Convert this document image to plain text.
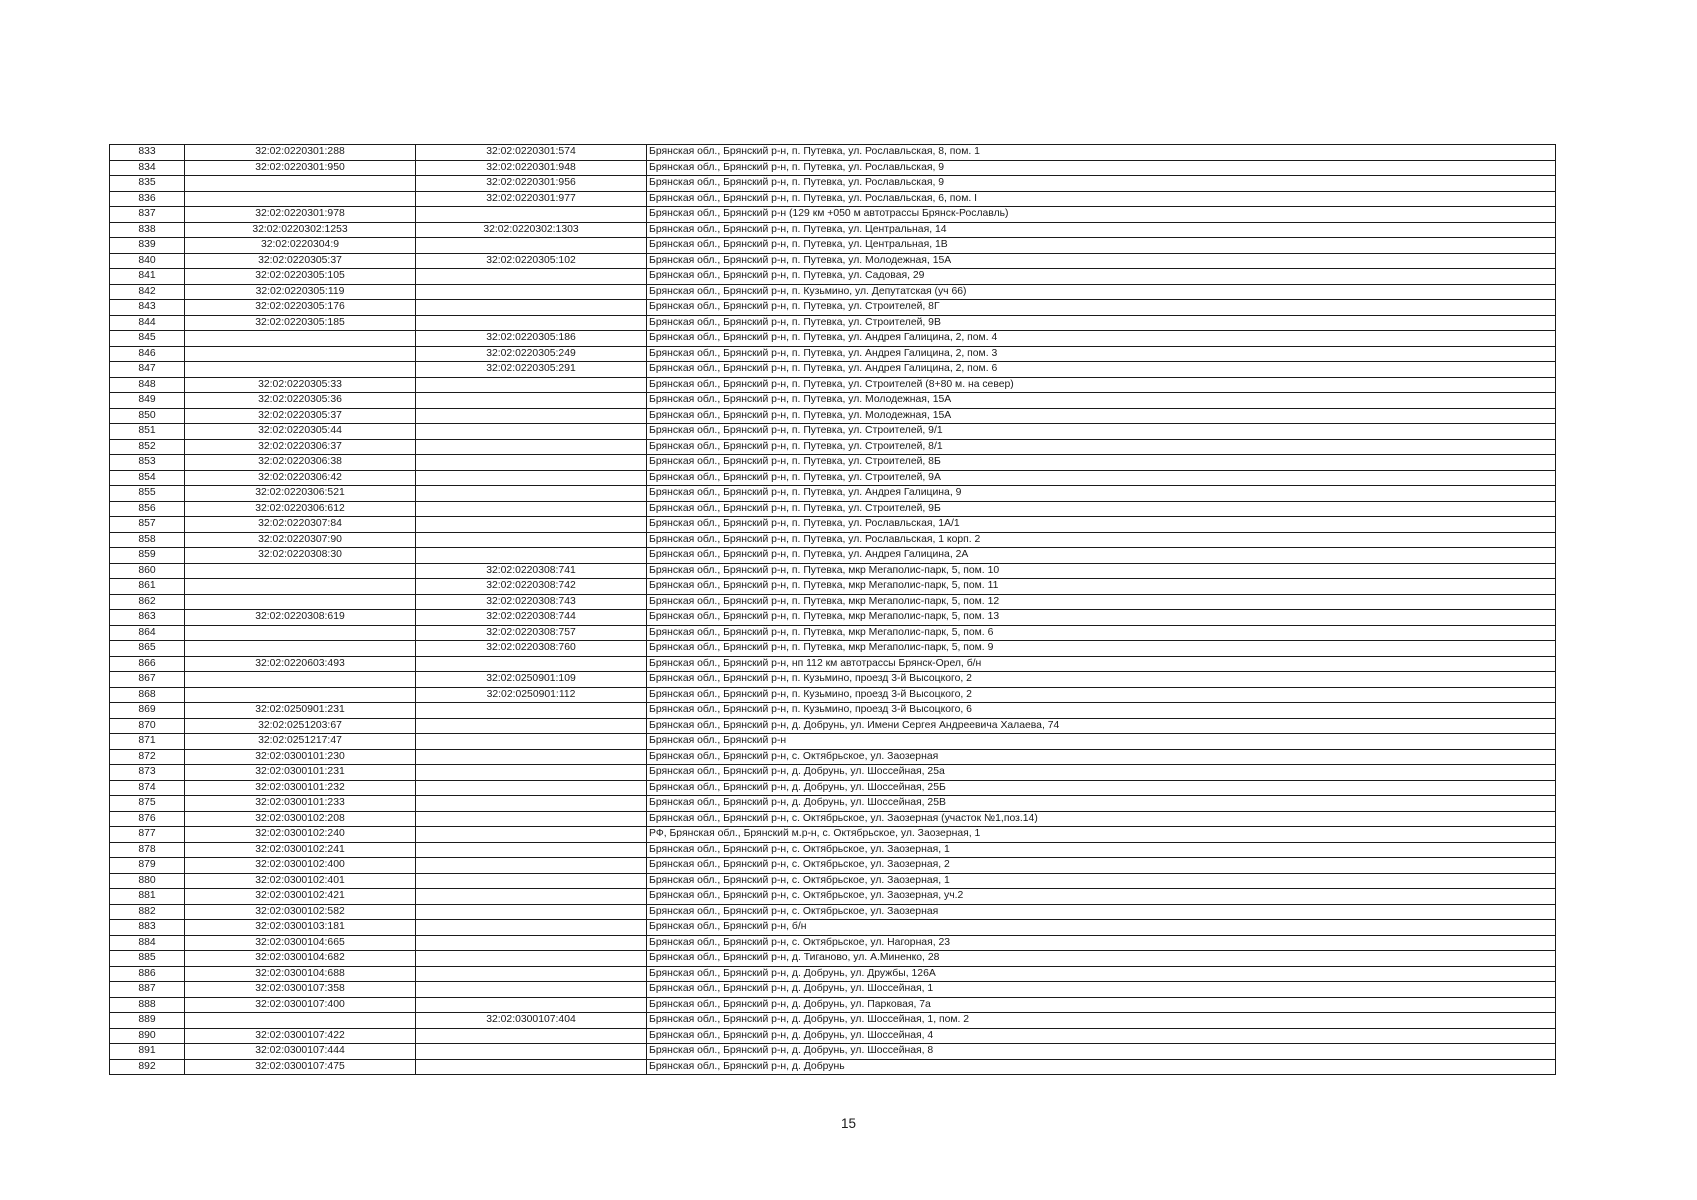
833	32:02:0220301:288	32:02:0220301:574	Брянская обл., Брянский р-н, п. Путевка, ул. Рославльская, 8, пом. 1
834	32:02:0220301:950	32:02:0220301:948	Брянская обл., Брянский р-н, п. Путевка, ул. Рославльская, 9
835		32:02:0220301:956	Брянская обл., Брянский р-н, п. Путевка, ул. Рославльская, 9
836		32:02:0220301:977	Брянская обл., Брянский р-н, п. Путевка, ул. Рославльская, 6, пом. I
837	32:02:0220301:978		Брянская обл., Брянский р-н (129 км +050 м автотрассы Брянск-Рославль)
838	32:02:0220302:1253	32:02:0220302:1303	Брянская обл., Брянский р-н, п. Путевка, ул. Центральная, 14
839	32:02:0220304:9		Брянская обл., Брянский р-н, п. Путевка, ул. Центральная, 1В
840	32:02:0220305:37	32:02:0220305:102	Брянская обл., Брянский р-н, п. Путевка, ул. Молодежная, 15А
841	32:02:0220305:105		Брянская обл., Брянский р-н, п. Путевка, ул. Садовая, 29
842	32:02:0220305:119		Брянская обл., Брянский р-н, п. Кузьмино, ул. Депутатская (уч 66)
843	32:02:0220305:176		Брянская обл., Брянский р-н, п. Путевка, ул. Строителей, 8Г
844	32:02:0220305:185		Брянская обл., Брянский р-н, п. Путевка, ул. Строителей, 9В
845		32:02:0220305:186	Брянская обл., Брянский р-н, п. Путевка, ул. Андрея Галицина, 2, пом. 4
846		32:02:0220305:249	Брянская обл., Брянский р-н, п. Путевка, ул. Андрея Галицина, 2, пом. 3
847		32:02:0220305:291	Брянская обл., Брянский р-н, п. Путевка, ул. Андрея Галицина, 2, пом. 6
848	32:02:0220305:33		Брянская обл., Брянский р-н, п. Путевка, ул. Строителей (8+80 м. на север)
849	32:02:0220305:36		Брянская обл., Брянский р-н, п. Путевка, ул. Молодежная, 15А
850	32:02:0220305:37		Брянская обл., Брянский р-н, п. Путевка, ул. Молодежная, 15А
851	32:02:0220305:44		Брянская обл., Брянский р-н, п. Путевка, ул. Строителей, 9/1
852	32:02:0220306:37		Брянская обл., Брянский р-н, п. Путевка, ул. Строителей, 8/1
853	32:02:0220306:38		Брянская обл., Брянский р-н, п. Путевка, ул. Строителей, 8Б
854	32:02:0220306:42		Брянская обл., Брянский р-н, п. Путевка, ул. Строителей, 9А
855	32:02:0220306:521		Брянская обл., Брянский р-н, п. Путевка, ул. Андрея Галицина, 9
856	32:02:0220306:612		Брянская обл., Брянский р-н, п. Путевка, ул. Строителей, 9Б
857	32:02:0220307:84		Брянская обл., Брянский р-н, п. Путевка, ул. Рославльская, 1А/1
858	32:02:0220307:90		Брянская обл., Брянский р-н, п. Путевка, ул. Рославльская, 1 корп. 2
859	32:02:0220308:30		Брянская обл., Брянский р-н, п. Путевка, ул. Андрея Галицина, 2А
860		32:02:0220308:741	Брянская обл., Брянский р-н, п. Путевка, мкр Мегаполис-парк, 5, пом. 10
861		32:02:0220308:742	Брянская обл., Брянский р-н, п. Путевка, мкр Мегаполис-парк, 5, пом. 11
862		32:02:0220308:743	Брянская обл., Брянский р-н, п. Путевка, мкр Мегаполис-парк, 5, пом. 12
863	32:02:0220308:619	32:02:0220308:744	Брянская обл., Брянский р-н, п. Путевка, мкр Мегаполис-парк, 5, пом. 13
864		32:02:0220308:757	Брянская обл., Брянский р-н, п. Путевка, мкр Мегаполис-парк, 5, пом. 6
865		32:02:0220308:760	Брянская обл., Брянский р-н, п. Путевка, мкр Мегаполис-парк, 5, пом. 9
866	32:02:0220603:493		Брянская обл., Брянский р-н, нп 112 км автотрассы Брянск-Орел, б/н
867		32:02:0250901:109	Брянская обл., Брянский р-н, п. Кузьмино, проезд 3-й Высоцкого, 2
868		32:02:0250901:112	Брянская обл., Брянский р-н, п. Кузьмино, проезд 3-й Высоцкого, 2
869	32:02:0250901:231		Брянская обл., Брянский р-н, п. Кузьмино, проезд 3-й Высоцкого, 6
870	32:02:0251203:67		Брянская обл., Брянский р-н, д. Добрунь, ул. Имени Сергея Андреевича Халаева, 74
871	32:02:0251217:47		Брянская обл., Брянский р-н
872	32:02:0300101:230		Брянская обл., Брянский р-н, с. Октябрьское, ул. Заозерная
873	32:02:0300101:231		Брянская обл., Брянский р-н, д. Добрунь, ул. Шоссейная, 25а
874	32:02:0300101:232		Брянская обл., Брянский р-н, д. Добрунь, ул. Шоссейная, 25Б
875	32:02:0300101:233		Брянская обл., Брянский р-н, д. Добрунь, ул. Шоссейная, 25В
876	32:02:0300102:208		Брянская обл., Брянский р-н, с. Октябрьское, ул. Заозерная (участок №1,поз.14)
877	32:02:0300102:240		РФ, Брянская обл., Брянский м.р-н, с. Октябрьское, ул. Заозерная, 1
878	32:02:0300102:241		Брянская обл., Брянский р-н, с. Октябрьское, ул. Заозерная, 1
879	32:02:0300102:400		Брянская обл., Брянский р-н, с. Октябрьское, ул. Заозерная, 2
880	32:02:0300102:401		Брянская обл., Брянский р-н, с. Октябрьское, ул. Заозерная, 1
881	32:02:0300102:421		Брянская обл., Брянский р-н, с. Октябрьское, ул. Заозерная, уч.2
882	32:02:0300102:582		Брянская обл., Брянский р-н, с. Октябрьское, ул. Заозерная
883	32:02:0300103:181		Брянская обл., Брянский р-н, б/н
884	32:02:0300104:665		Брянская обл., Брянский р-н, с. Октябрьское, ул. Нагорная, 23
885	32:02:0300104:682		Брянская обл., Брянский р-н, д. Тиганово, ул. А.Миненко, 28
886	32:02:0300104:688		Брянская обл., Брянский р-н, д. Добрунь, ул. Дружбы, 126А
887	32:02:0300107:358		Брянская обл., Брянский р-н, д. Добрунь, ул. Шоссейная, 1
888	32:02:0300107:400		Брянская обл., Брянский р-н, д. Добрунь, ул. Парковая, 7а
889		32:02:0300107:404	Брянская обл., Брянский р-н, д. Добрунь, ул. Шоссейная, 1, пом. 2
890	32:02:0300107:422		Брянская обл., Брянский р-н, д. Добрунь, ул. Шоссейная, 4
891	32:02:0300107:444		Брянская обл., Брянский р-н, д. Добрунь, ул. Шоссейная, 8
892	32:02:0300107:475		Брянская обл., Брянский р-н, д. Добрунь
15
